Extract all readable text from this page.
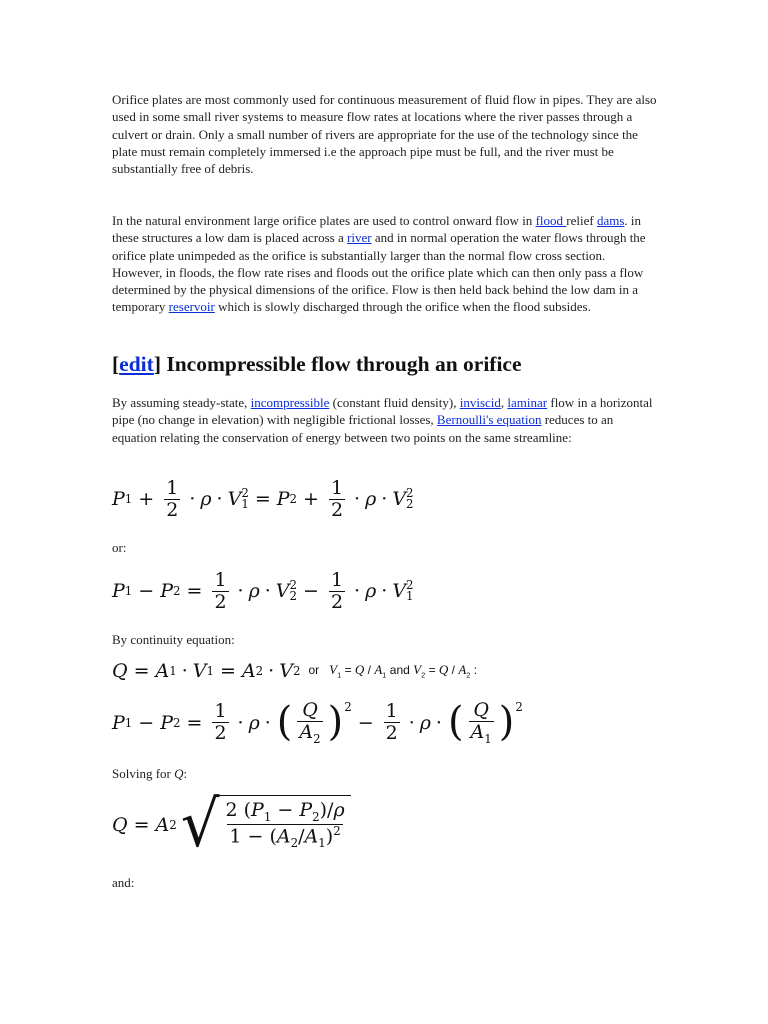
Orifice plates are most commonly used for continuous measurement of fluid flow in pipes. They are also used in some small river systems to measure flow rates at locations where the river passes through a culvert or drain. Only a small number of rivers are appropriate for the use of the technology since the plate must remain completely immersed i.e the approach pipe must be full, and the river must be substantially free of debris.

In the natural environment large orifice plates are used to control onward flow in flood relief dams. in these structures a low dam is placed across a river and in normal operation the water flows through the orifice plate unimpeded as the orifice is substantially larger than the normal flow cross section. However, in floods, the flow rate rises and floods out the orifice plate which can then only pass a flow determined by the physical dimensions of the orifice. Flow is then held back behind the low dam in a temporary reservoir which is slowly discharged through the orifice when the flood subsides.

[edit] Incompressible flow through an orifice

By assuming steady-state, incompressible (constant fluid density), inviscid, laminar flow in a horizontal pipe (no change in elevation) with negligible frictional losses, Bernoulli's equation reduces to an equation relating the conservation of energy between two points on the same streamline:

P $1 + \frac{1}{2} \cdot \rho \cdot V$ 2
1 = P $2 + \frac{1}{2} \cdot \rho \cdot V$ 2
2

or:

P 1 − P $2 = \frac{1}{2} \cdot \rho \cdot V$ 2
$2 - \frac{1}{2} \cdot \rho \cdot V$ 2
1

By continuity equation:

Q = A 1 · V 1 = A 2 · V 2 or $V_1 = Q / A_1$ and $V_2 = Q / A_2$ :
P 1 − P $2 = \frac{1}{2} \cdot \rho$ · ( $\frac{Q}{A_2} )^2$
− $\frac{1}{2} \cdot \rho$ · ( $\frac{Q}{A_1} )^2$

Solving for Q:

Q = A 2 √ $\frac{2 (P_1 - P_2)/\rho}{1 - (A_2/A_1)^2}$

and:
